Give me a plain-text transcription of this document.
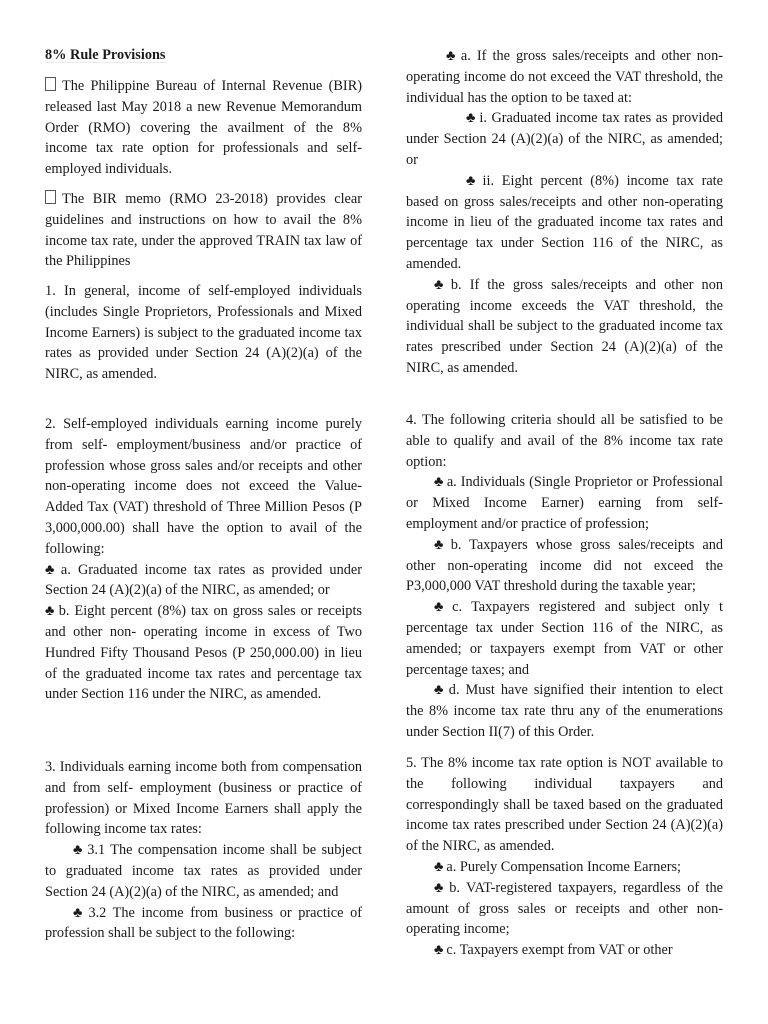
8% Rule Provisions

The Philippine Bureau of Internal Revenue (BIR) released last May 2018 a new Revenue Memorandum Order (RMO) covering the availment of the 8% income tax rate option for professionals and self-employed individuals.

The BIR memo (RMO 23-2018) provides clear guidelines and instructions on how to avail the 8% income tax rate, under the approved TRAIN tax law of the Philippines

1. In general, income of self-employed individuals (includes Single Proprietors, Professionals and Mixed Income Earners) is subject to the graduated income tax rates as provided under Section 24 (A)(2)(a) of the NIRC, as amended.

2. Self-employed individuals earning income purely from self- employment/business and/or practice of profession whose gross sales and/or receipts and other non-operating income does not exceed the Value-Added Tax (VAT) threshold of Three Million Pesos (P 3,000,000.00) shall have the option to avail of the following:

♣ a. Graduated income tax rates as provided under Section 24 (A)(2)(a) of the NIRC, as amended; or

♣ b. Eight percent (8%) tax on gross sales or receipts and other non- operating income in excess of Two Hundred Fifty Thousand Pesos (P 250,000.00) in lieu of the graduated income tax rates and percentage tax under Section 116 under the NIRC, as amended.

3. Individuals earning income both from compensation and from self- employment (business or practice of profession) or Mixed Income Earners shall apply the following income tax rates:

♣ 3.1 The compensation income shall be subject to graduated income tax rates as provided under Section 24 (A)(2)(a) of the NIRC, as amended; and

♣ 3.2 The income from business or practice of profession shall be subject to the following:

♣ a. If the gross sales/receipts and other non-operating income do not exceed the VAT threshold, the individual has the option to be taxed at:

♣ i. Graduated income tax rates as provided under Section 24 (A)(2)(a) of the NIRC, as amended; or

♣ ii. Eight percent (8%) income tax rate based on gross sales/receipts and other non-operating income in lieu of the graduated income tax rates and percentage tax under Section 116 of the NIRC, as amended.

♣ b. If the gross sales/receipts and other non operating income exceeds the VAT threshold, the individual shall be subject to the graduated income tax rates prescribed under Section 24 (A)(2)(a) of the NIRC, as amended.

4. The following criteria should all be satisfied to be able to qualify and avail of the 8% income tax rate option:

♣ a. Individuals (Single Proprietor or Professional or Mixed Income Earner) earning from self-employment and/or practice of profession;

♣ b. Taxpayers whose gross sales/receipts and other non-operating income did not exceed the P3,000,000 VAT threshold during the taxable year;

♣ c. Taxpayers registered and subject only t percentage tax under Section 116 of the NIRC, as amended; or taxpayers exempt from VAT or other percentage taxes; and

♣ d. Must have signified their intention to elect the 8% income tax rate thru any of the enumerations under Section II(7) of this Order.

5. The 8% income tax rate option is NOT available to the following individual taxpayers and correspondingly shall be taxed based on the graduated income tax rates prescribed under Section 24 (A)(2)(a) of the NIRC, as amended.

♣ a. Purely Compensation Income Earners;

♣ b. VAT-registered taxpayers, regardless of the amount of gross sales or receipts and other non-operating income;

♣ c. Taxpayers exempt from VAT or other
